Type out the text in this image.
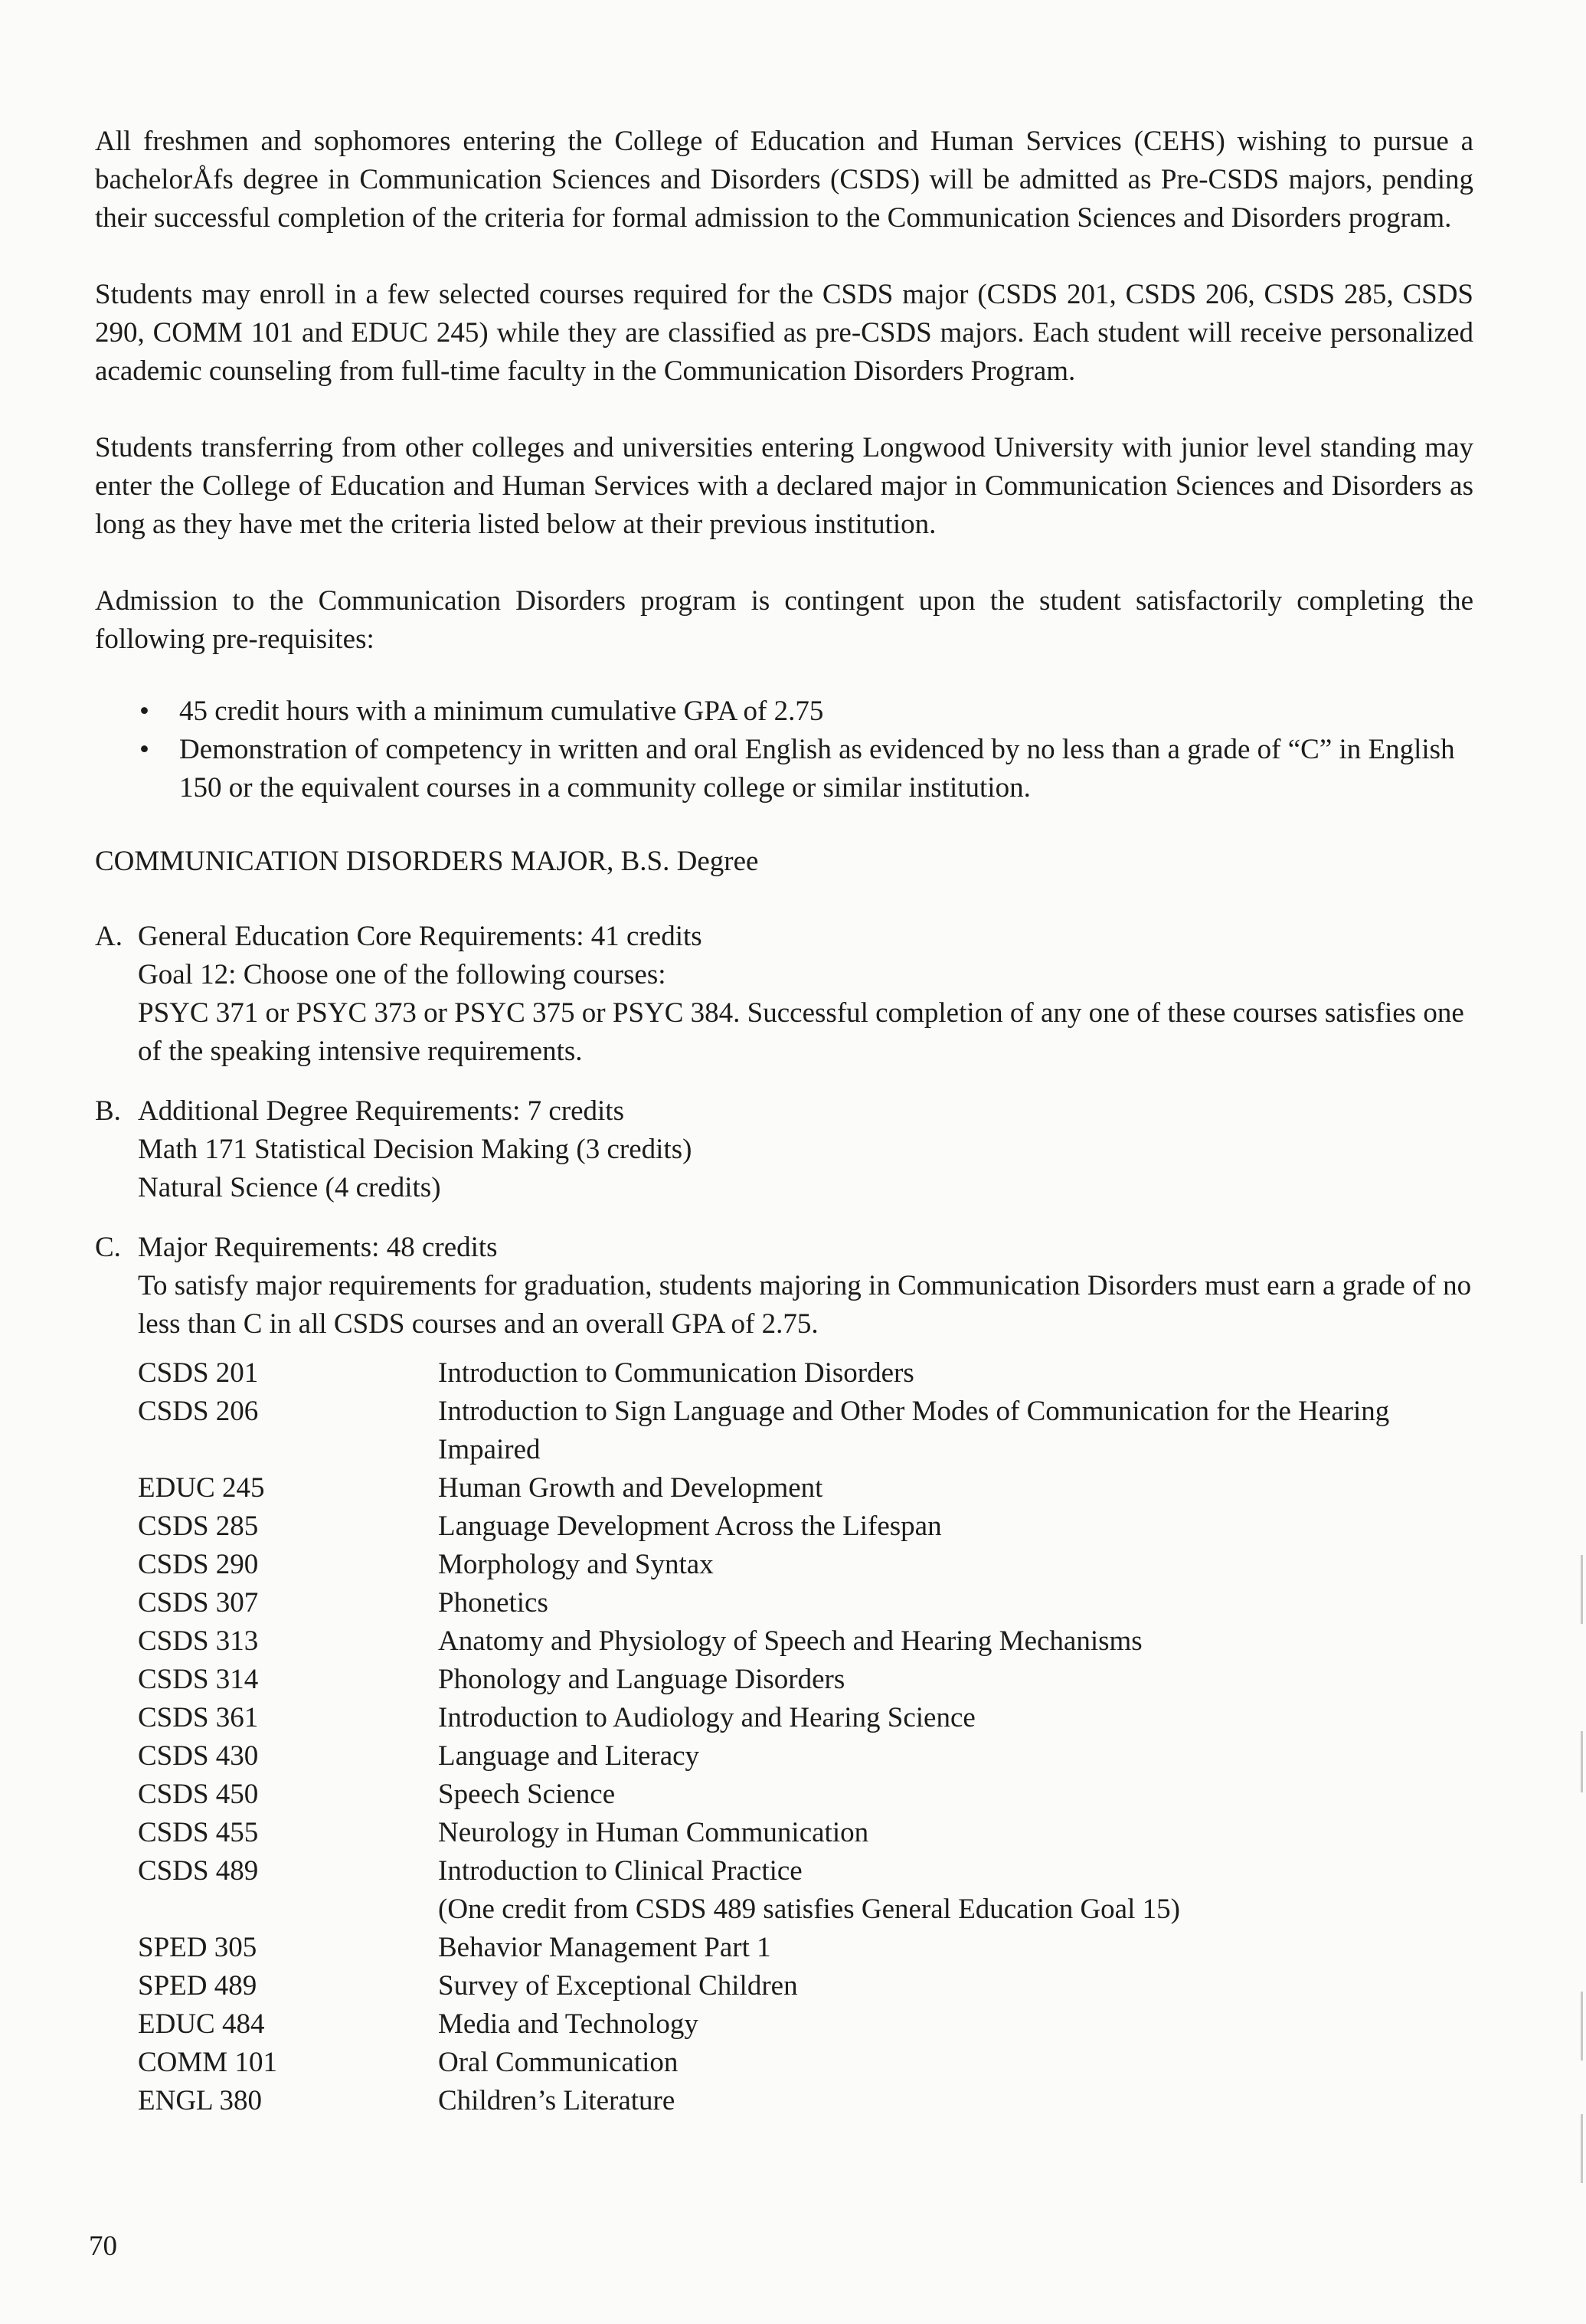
All freshmen and sophomores entering the College of Education and Human Services (CEHS) wishing to pursue a bachelorÅfs degree in Communication Sciences and Disorders (CSDS) will be admitted as Pre-CSDS majors, pending their successful completion of the criteria for formal admission to the Communication Sciences and Disorders program.

Students may enroll in a few selected courses required for the CSDS major (CSDS 201, CSDS 206, CSDS 285, CSDS 290, COMM 101 and EDUC 245) while they are classified as pre-CSDS majors. Each student will receive personalized academic counseling from full-time faculty in the Communication Disorders Program.

Students transferring from other colleges and universities entering Longwood University with junior level standing may enter the College of Education and Human Services with a declared major in Communication Sciences and Disorders as long as they have met the criteria listed below at their previous institution.

Admission to the Communication Disorders program is contingent upon the student satisfactorily completing the following pre-requisites:

• 45 credit hours with a minimum cumulative GPA of 2.75
• Demonstration of competency in written and oral English as evidenced by no less than a grade of “C” in English 150 or the equivalent courses in a community college or similar institution.
COMMUNICATION DISORDERS MAJOR, B.S. Degree
A. General Education Core Requirements: 41 credits
Goal 12: Choose one of the following courses:
PSYC 371 or PSYC 373 or PSYC 375 or PSYC 384. Successful completion of any one of these courses satisfies one of the speaking intensive requirements.
B. Additional Degree Requirements: 7 credits
Math 171 Statistical Decision Making (3 credits)
Natural Science (4 credits)
C. Major Requirements: 48 credits
To satisfy major requirements for graduation, students majoring in Communication Disorders must earn a grade of no less than C in all CSDS courses and an overall GPA of 2.75.
CSDS 201	Introduction to Communication Disorders
CSDS 206	Introduction to Sign Language and Other Modes of Communication for the Hearing Impaired
EDUC 245	Human Growth and Development
CSDS 285	Language Development Across the Lifespan
CSDS 290	Morphology and Syntax
CSDS 307	Phonetics
CSDS 313	Anatomy and Physiology of Speech and Hearing Mechanisms
CSDS 314	Phonology and Language Disorders
CSDS 361	Introduction to Audiology and Hearing Science
CSDS 430	Language and Literacy
CSDS 450	Speech Science
CSDS 455	Neurology in Human Communication
CSDS 489	Introduction to Clinical Practice
(One credit from CSDS 489 satisfies General Education Goal 15)
SPED 305	Behavior Management Part 1
SPED 489	Survey of Exceptional Children
EDUC 484	Media and Technology
COMM 101	Oral Communication
ENGL 380	Children’s Literature
70
